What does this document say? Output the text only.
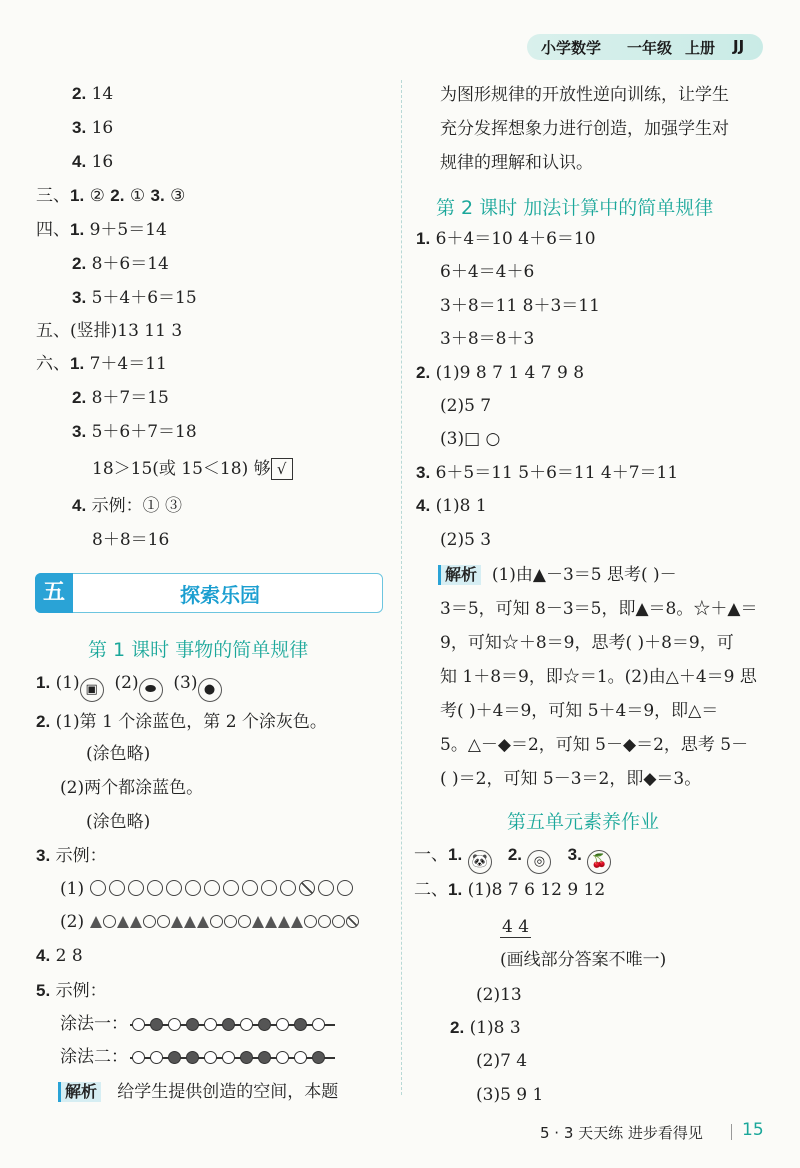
小学数学 一年级 上册 JJ
2. 14
3. 16
4. 16
三、1. ② 2. ① 3. ③
四、1. 9＋5＝14
2. 8＋6＝14
3. 5＋4＋6＝15
五、(竖排)13 11 3
六、1. 7＋4＝11
2. 8＋7＝15
3. 5＋6＋7＝18
18＞15(或 15＜18) 够 √
4. 示例：① ③
8＋8＝16
五	探索乐园
第 1 课时 事物的简单规律
1. (1) ▣ (2) ⬬ (3) ●
2. (1)第 1 个涂蓝色，第 2 个涂灰色。
(涂色略)
(2)两个都涂蓝色。
(涂色略)
3. 示例：
(1)
(2)
4. 2 8
5. 示例：
涂法一：
涂法二：
解析 给学生提供创造的空间，本题
为图形规律的开放性逆向训练，让学生
充分发挥想象力进行创造，加强学生对
规律的理解和认识。
第 2 课时 加法计算中的简单规律
1. 6＋4＝10 4＋6＝10
6＋4＝4＋6
3＋8＝11 8＋3＝11
3＋8＝8＋3
2. (1)9 8 7 1 4 7 9 8
(2)5 7
(3)□ ○
3. 6＋5＝11 5＋6＝11 4＋7＝11
4. (1)8 1
(2)5 3
解析 (1)由▲－3＝5 思考( )－
3＝5，可知 8－3＝5，即▲＝8。☆＋▲＝
9，可知☆＋8＝9，思考( )＋8＝9，可
知 1＋8＝9，即☆＝1。(2)由△＋4＝9 思
考( )＋4＝9，可知 5＋4＝9，即△＝
5。△－◆＝2，可知 5－◆＝2，思考 5－
( )＝2，可知 5－3＝2，即◆＝3。
第五单元素养作业
一、1. 🐼 2. ◎ 3. 🍒
二、1. (1)8 7 6 12 9 12
4 4
(画线部分答案不唯一)
(2)13
2. (1)8 3
(2)7 4
(3)5 9 1
5 · 3 天天练 进步看得见 15
